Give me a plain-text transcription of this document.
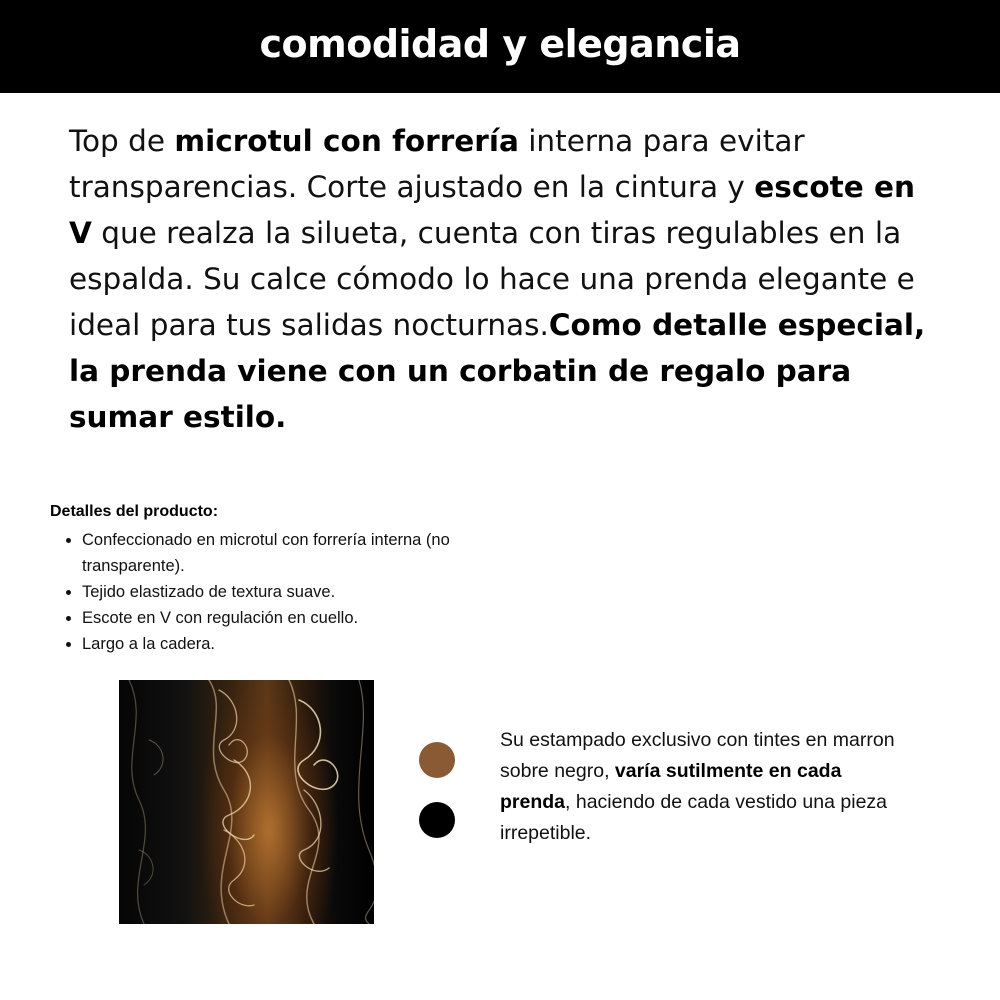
comodidad y elegancia

Top de microtul con forrería interna para evitar transparencias. Corte ajustado en la cintura y escote en V que realza la silueta, cuenta con tiras regulables en la espalda. Su calce cómodo lo hace una prenda elegante e ideal para tus salidas nocturnas.Como detalle especial, la prenda viene con un corbatin de regalo para sumar estilo.

Detalles del producto:

Confeccionado en microtul con forrería interna (no transparente).
Tejido elastizado de textura suave.
Escote en V con regulación en cuello.
Largo a la cadera.

Su estampado exclusivo con tintes en marron sobre negro, varía sutilmente en cada prenda, haciendo de cada vestido una pieza irrepetible.
